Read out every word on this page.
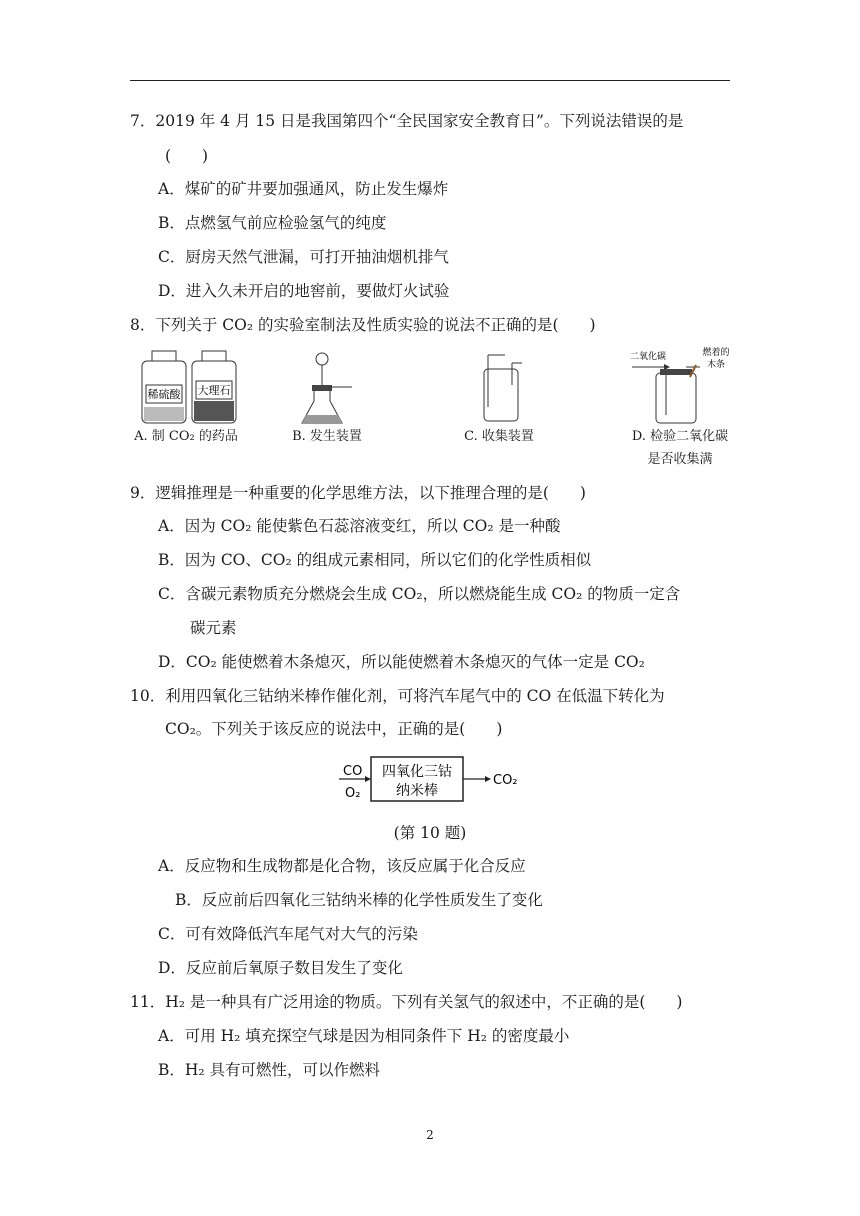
7．2019 年 4 月 15 日是我国第四个“全民国家安全教育日”。下列说法错误的是
(　　)
A．煤矿的矿井要加强通风，防止发生爆炸
B．点燃氢气前应检验氢气的纯度
C．厨房天然气泄漏，可打开抽油烟机排气
D．进入久未开启的地窖前，要做灯火试验
8．下列关于 CO₂ 的实验室制法及性质实验的说法不正确的是(　　)
稀硫酸 大理石
二氧化碳	燃着的
木条
A. 制 CO₂ 的药品	B. 发生装置	C. 收集装置	D. 检验二氧化碳
是否收集满
9．逻辑推理是一种重要的化学思维方法，以下推理合理的是(　　)
A．因为 CO₂ 能使紫色石蕊溶液变红，所以 CO₂ 是一种酸
B．因为 CO、CO₂ 的组成元素相同，所以它们的化学性质相似
C．含碳元素物质充分燃烧会生成 CO₂，所以燃烧能生成 CO₂ 的物质一定含
碳元素
D．CO₂ 能使燃着木条熄灭，所以能使燃着木条熄灭的气体一定是 CO₂
10．利用四氧化三钴纳米棒作催化剂，可将汽车尾气中的 CO 在低温下转化为
CO₂。下列关于该反应的说法中，正确的是(　　)
CO
O₂
四氧化三钴
纳米棒
CO₂
(第 10 题)
A．反应物和生成物都是化合物，该反应属于化合反应
B．反应前后四氧化三钴纳米棒的化学性质发生了变化
C．可有效降低汽车尾气对大气的污染
D．反应前后氧原子数目发生了变化
11．H₂ 是一种具有广泛用途的物质。下列有关氢气的叙述中，不正确的是(　　)
A．可用 H₂ 填充探空气球是因为相同条件下 H₂ 的密度最小
B．H₂ 具有可燃性，可以作燃料
2
